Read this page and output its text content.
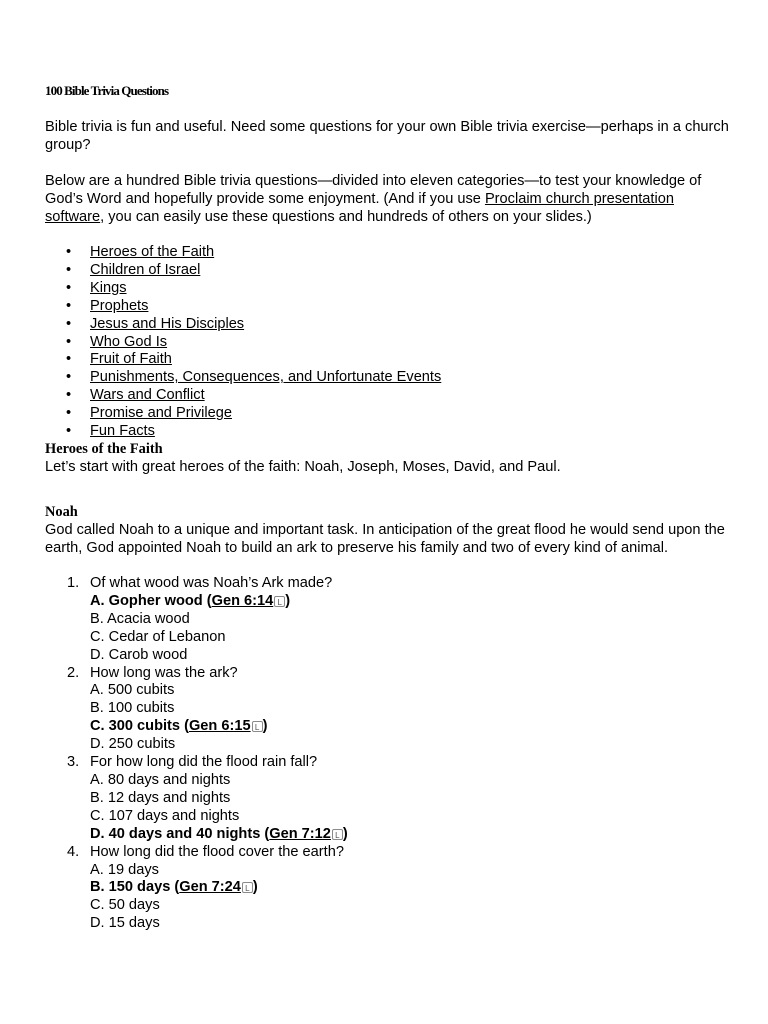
100 Bible Trivia Questions

Bible trivia is fun and useful. Need some questions for your own Bible trivia exercise—perhaps in a church group?

Below are a hundred Bible trivia questions—divided into eleven categories—to test your knowledge of God’s Word and hopefully provide some enjoyment. (And if you use Proclaim church presentation software, you can easily use these questions and hundreds of others on your slides.)

• Heroes of the Faith
• Children of Israel
• Kings
• Prophets
• Jesus and His Disciples
• Who God Is
• Fruit of Faith
• Punishments, Consequences, and Unfortunate Events
• Wars and Conflict
• Promise and Privilege
• Fun Facts
Heroes of the Faith

Let’s start with great heroes of the faith: Noah, Joseph, Moses, David, and Paul.

Noah

God called Noah to a unique and important task. In anticipation of the great flood he would send upon the earth, God appointed Noah to build an ark to preserve his family and two of every kind of animal.

1. Of what wood was Noah’s Ark made?
A. Gopher wood (Gen 6:14 L )
B. Acacia wood
C. Cedar of Lebanon
D. Carob wood
2. How long was the ark?
A. 500 cubits
B. 100 cubits
C. 300 cubits (Gen 6:15 L )
D. 250 cubits
3. For how long did the flood rain fall?
A. 80 days and nights
B. 12 days and nights
C. 107 days and nights
D. 40 days and 40 nights (Gen 7:12 L )
4. How long did the flood cover the earth?
A. 19 days
B. 150 days (Gen 7:24 L )
C. 50 days
D. 15 days
